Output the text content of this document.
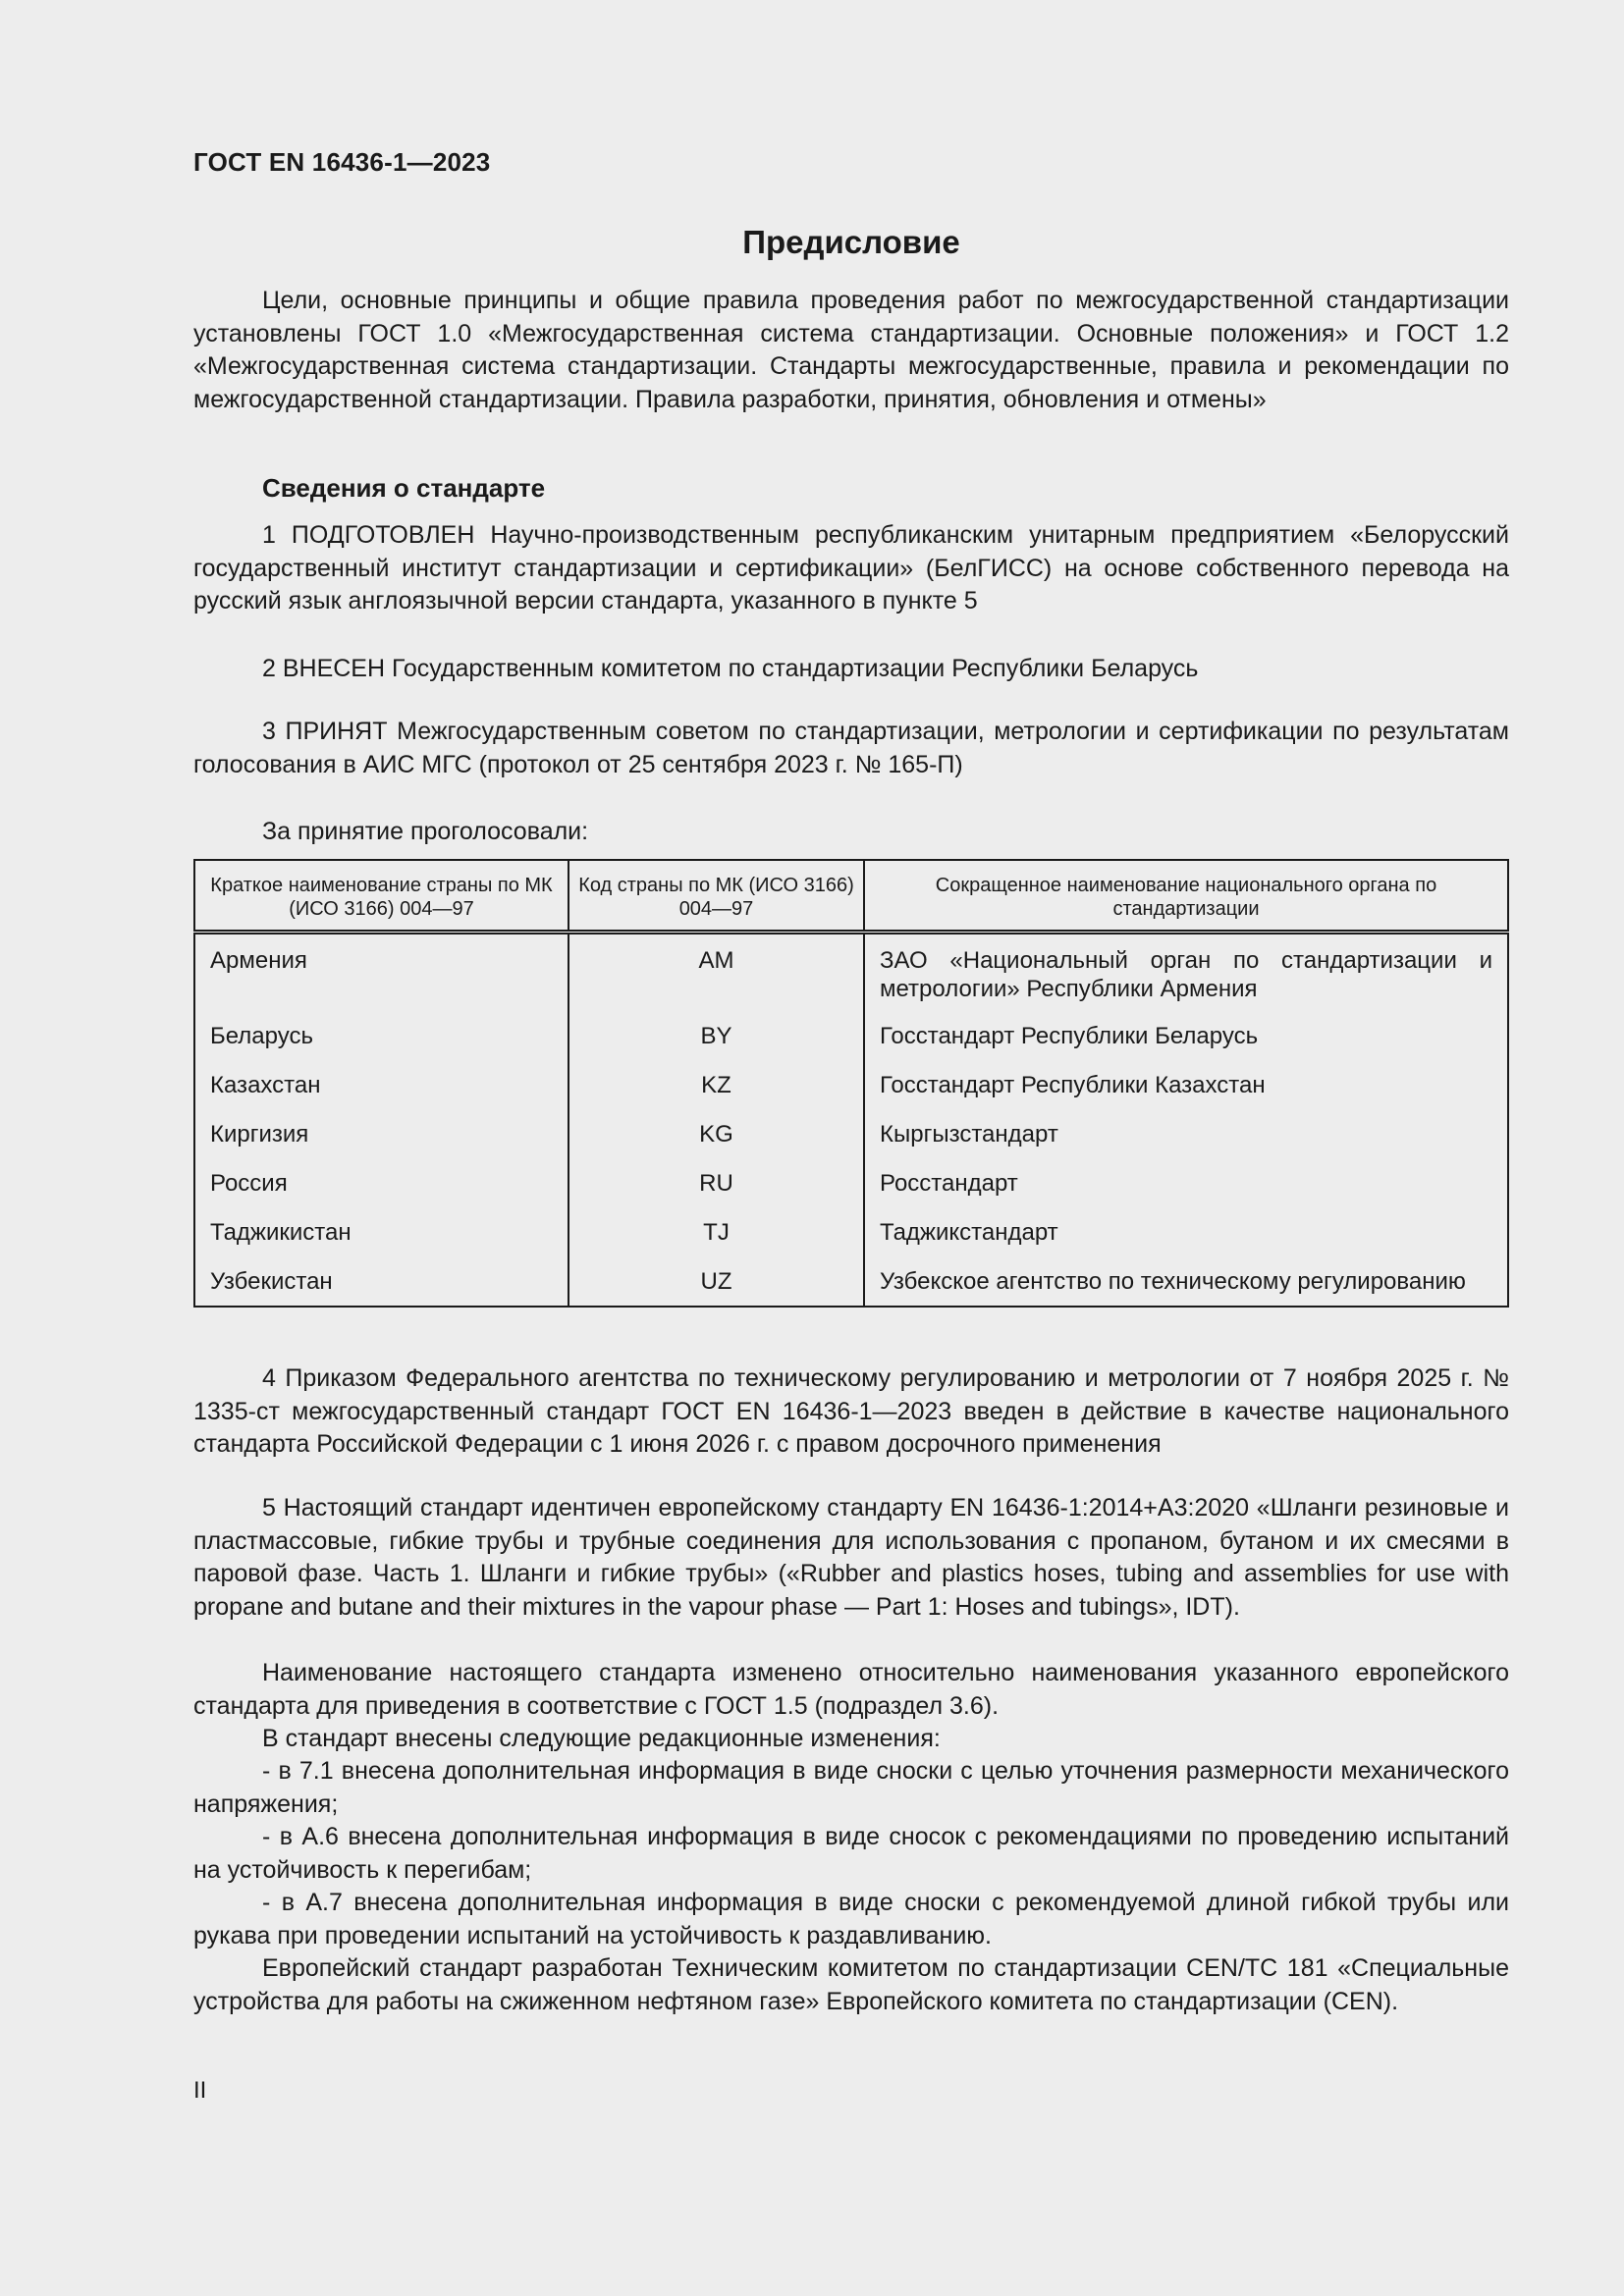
ГОСТ EN 16436-1—2023
Предисловие

Цели, основные принципы и общие правила проведения работ по межгосударственной стандартизации установлены ГОСТ 1.0 «Межгосударственная система стандартизации. Основные положения» и ГОСТ 1.2 «Межгосударственная система стандартизации. Стандарты межгосударственные, правила и рекомендации по межгосударственной стандартизации. Правила разработки, принятия, обновления и отмены»

Сведения о стандарте

1 ПОДГОТОВЛЕН Научно-производственным республиканским унитарным предприятием «Белорусский государственный институт стандартизации и сертификации» (БелГИСС) на основе собственного перевода на русский язык англоязычной версии стандарта, указанного в пункте 5

2 ВНЕСЕН Государственным комитетом по стандартизации Республики Беларусь

3 ПРИНЯТ Межгосударственным советом по стандартизации, метрологии и сертификации по результатам голосования в АИС МГС (протокол от 25 сентября 2023 г. № 165-П)

За принятие проголосовали:
Краткое наименование страны по МК (ИСО 3166) 004—97	Код страны по МК (ИСО 3166) 004—97	Сокращенное наименование национального органа по стандартизации
Армения	AM	ЗАО «Национальный орган по стандартизации и метрологии» Республики Армения
Беларусь	BY	Госстандарт Республики Беларусь
Казахстан	KZ	Госстандарт Республики Казахстан
Киргизия	KG	Кыргызстандарт
Россия	RU	Росстандарт
Таджикистан	TJ	Таджикстандарт
Узбекистан	UZ	Узбекское агентство по техническому регулированию

4 Приказом Федерального агентства по техническому регулированию и метрологии от 7 ноября 2025 г. № 1335-ст межгосударственный стандарт ГОСТ EN 16436-1—2023 введен в действие в качестве национального стандарта Российской Федерации с 1 июня 2026 г. с правом досрочного применения

5 Настоящий стандарт идентичен европейскому стандарту EN 16436-1:2014+A3:2020 «Шланги резиновые и пластмассовые, гибкие трубы и трубные соединения для использования с пропаном, бутаном и их смесями в паровой фазе. Часть 1. Шланги и гибкие трубы» («Rubber and plastics hoses, tubing and assemblies for use with propane and butane and their mixtures in the vapour phase — Part 1: Hoses and tubings», IDT).

Наименование настоящего стандарта изменено относительно наименования указанного европейского стандарта для приведения в соответствие с ГОСТ 1.5 (подраздел 3.6).

В стандарт внесены следующие редакционные изменения:

- в 7.1 внесена дополнительная информация в виде сноски с целью уточнения размерности механического напряжения;

- в А.6 внесена дополнительная информация в виде сносок с рекомендациями по проведению испытаний на устойчивость к перегибам;

- в А.7 внесена дополнительная информация в виде сноски с рекомендуемой длиной гибкой трубы или рукава при проведении испытаний на устойчивость к раздавливанию.

Европейский стандарт разработан Техническим комитетом по стандартизации CEN/TC 181 «Специальные устройства для работы на сжиженном нефтяном газе» Европейского комитета по стандартизации (CEN).

II
